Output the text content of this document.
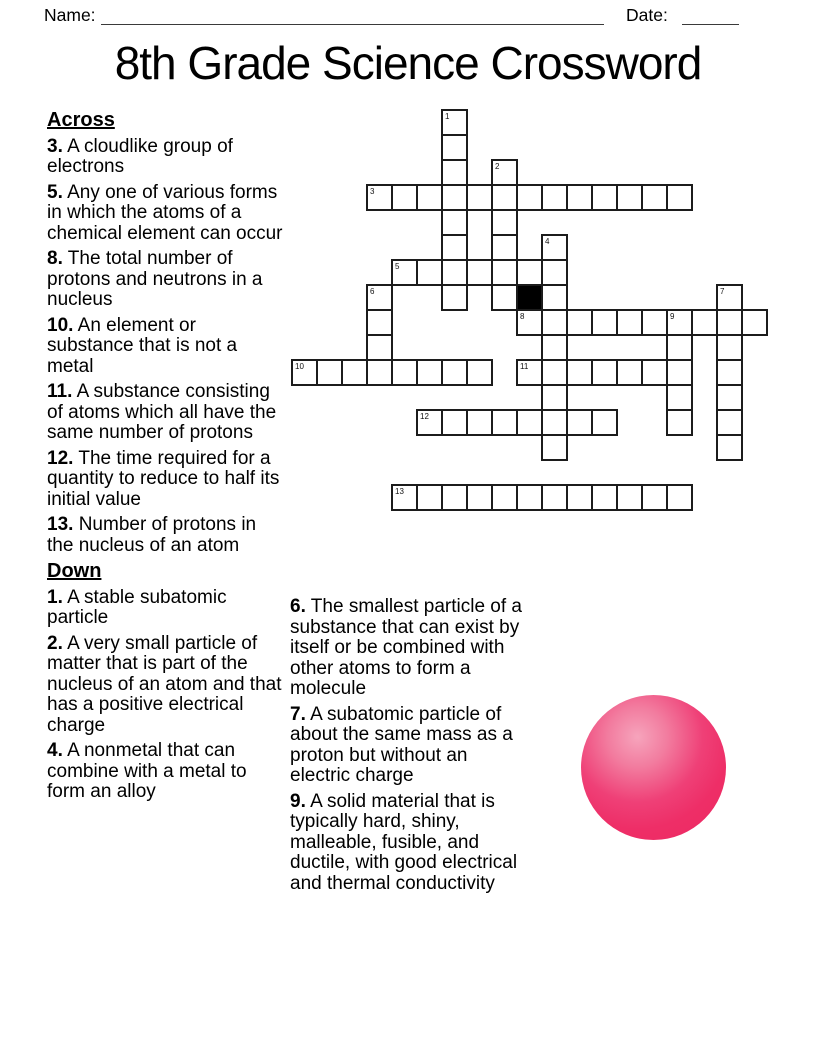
Name:	Date:
8th Grade Science Crossword
1
2
3
4
5
6	7
8	9
10	11
12
13

Across

3. A cloudlike group of electrons

5. Any one of various forms in which the atoms of a chemical element can occur

8. The total number of protons and neutrons in a nucleus

10. An element or substance that is not a metal

11. A substance consisting of atoms which all have the same number of protons

12. The time required for a quantity to reduce to half its initial value

13. Number of protons in the nucleus of an atom

Down

1. A stable subatomic particle

2. A very small particle of matter that is part of the nucleus of an atom and that has a positive electrical charge

4. A nonmetal that can combine with a metal to form an alloy

6. The smallest particle of a substance that can exist by itself or be combined with other atoms to form a molecule

7. A subatomic particle of about the same mass as a proton but without an electric charge

9. A solid material that is typically hard, shiny, malleable, fusible, and ductile, with good electrical and thermal conductivity
